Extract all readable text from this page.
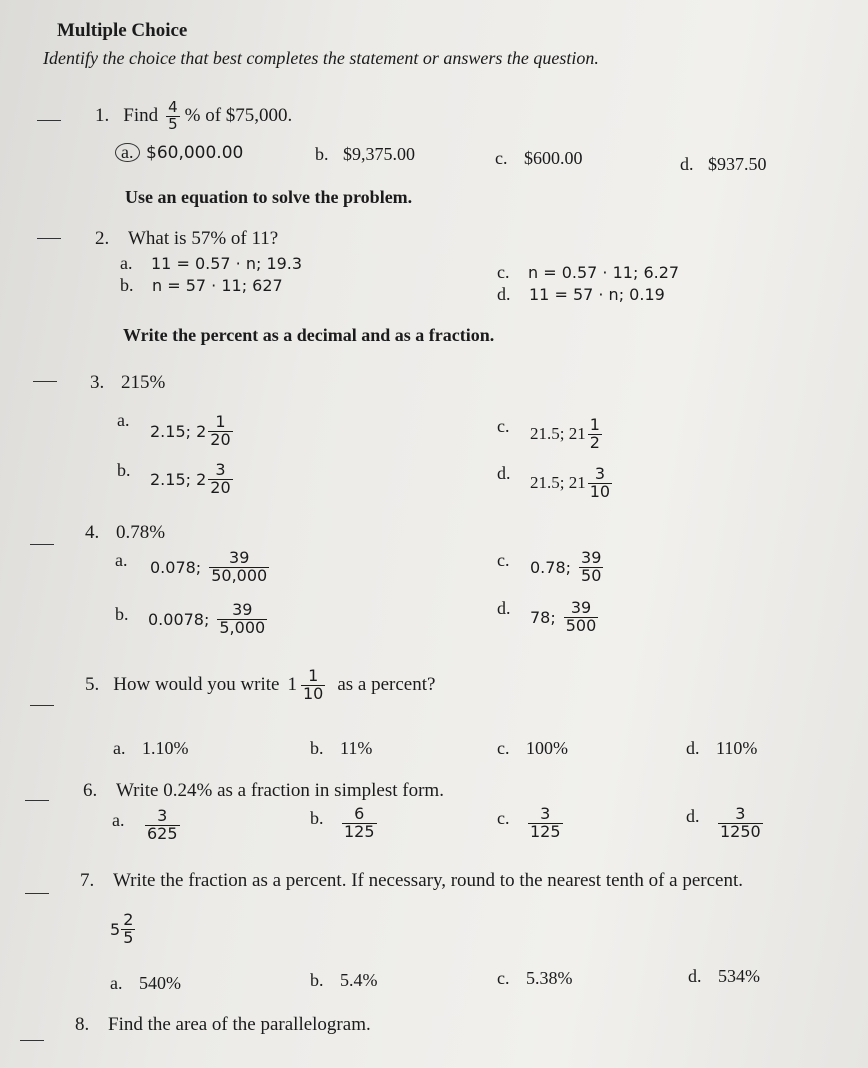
Multiple Choice
Identify the choice that best completes the statement or answers the question.
1. Find $\frac{4}{5}$ % of $75,000.
a. $60,000.00	b. $9,375.00	c. $600.00	d. $937.50
Use an equation to solve the problem.
2. What is 57% of 11?
a. 11 = 0.57 · n; 19.3
b. n = 57 · 11; 627
c. n = 0.57 · 11; 6.27
d. 11 = 57 · n; 0.19
Write the percent as a decimal and as a fraction.
3. 215%
a.
2.15; $2 \frac{1}{20}$
b. 2.15; $2 \frac{3}{20}$
c. 21.5; $21 \frac{1}{2}$
d. 21.5; $21 \frac{3}{10}$
4. 0.78%
a. 0.078; $\frac{39}{50,000}$
b. 0.0078; $\frac{39}{5,000}$
c. 0.78; $\frac{39}{50}$
d. 78; $\frac{39}{500}$
5. How would you write $1 \frac{1}{10}$ as a percent?
a. 1.10%	b. 11%	c. 100%	d. 110%
6. Write 0.24% as a fraction in simplest form.
a. $\frac{3}{625}$	b. $\frac{6}{125}$	c. $\frac{3}{125}$	d. $\frac{3}{1250}$
7. Write the fraction as a percent. If necessary, round to the nearest tenth of a percent.
$5 \frac{2}{5}$
a. 540%	b. 5.4%	c. 5.38%	d. 534%
8. Find the area of the parallelogram.
